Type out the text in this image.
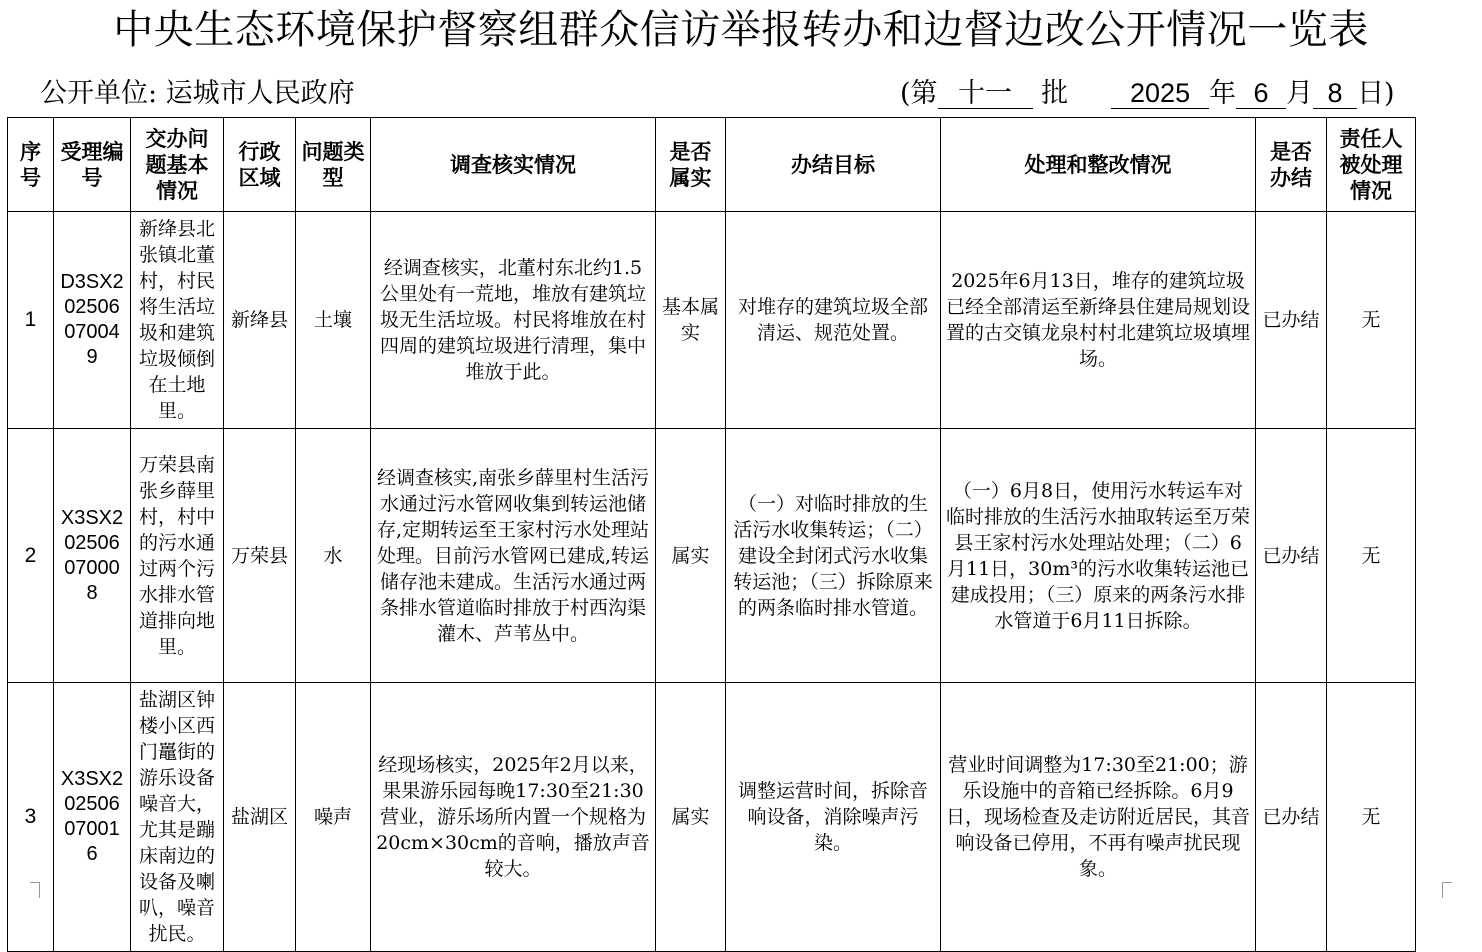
中央生态环境保护督察组群众信访举报转办和边督边改公开情况一览表
公开单位: 运城市人民政府	(第 十一 批 2025 年 6 月 8 日)
序号	受理编号	交办问题基本情况	行政区域	问题类型	调查核实情况	是否属实	办结目标	处理和整改情况	是否办结	责任人被处理情况
1	D3SX2025060700​49	新绛县北张镇北董村，村民将生活垃圾和建筑垃圾倾倒在土地里。	新绛县	土壤	经调查核实，北董村东北约1.5公里处有一荒地，堆放有建筑垃圾无生活垃圾。村民将堆放在村四周的建筑垃圾进行清理，集中堆放于此。	基本属实	对堆存的建筑垃圾全部清运、规范处置。	2025年6月13日，堆存的建筑垃圾已经全部清运至新绛县住建局规划设置的古交镇龙泉村村北建筑垃圾填埋场。	已办结	无
2	X3SX20250607000​8	万荣县南张乡薛里村，村中的污水通过两个污水排水管道排向地里。	万荣县	水	经调查核实,南张乡薛里村生活污水通过污水管网收集到转运池储存,定期转运至王家村污水处理站处理。目前污水管网已建成,转运储存池未建成。生活污水通过两条排水管道临时排放于村西沟渠灌木、芦苇丛中。	属实	（一）对临时排放的生活污水收集转运；（二）建设全封闭式污水收集转运池；（三）拆除原来的两条临时排水管道。	（一）6月8日，使用污水转运车对临时排放的生活污水抽取转运至万荣县王家村污水处理站处理；（二）6月11日，30m³的污水收集转运池已建成投用；（三）原来的两条污水排水管道于6月11日拆除。	已办结	无
3	X3SX20250607001​6	盐湖区钟楼小区西门鼉街的游乐设备噪音大，尤其是蹦床南边的设备及喇叭，噪音扰民。	盐湖区	噪声	经现场核实，2025年2月以来，果果游乐园每晚17:30至21:30营业，游乐场所内置一个规格为20cm×30cm的音响，播放声音较大。	属实	调整运营时间，拆除音响设备，消除噪声污染。	营业时间调整为17:30至21:00；游乐设施中的音箱已经拆除。6月9日，现场检查及走访附近居民，其音响设备已停用，不再有噪声扰民现象。	已办结	无
